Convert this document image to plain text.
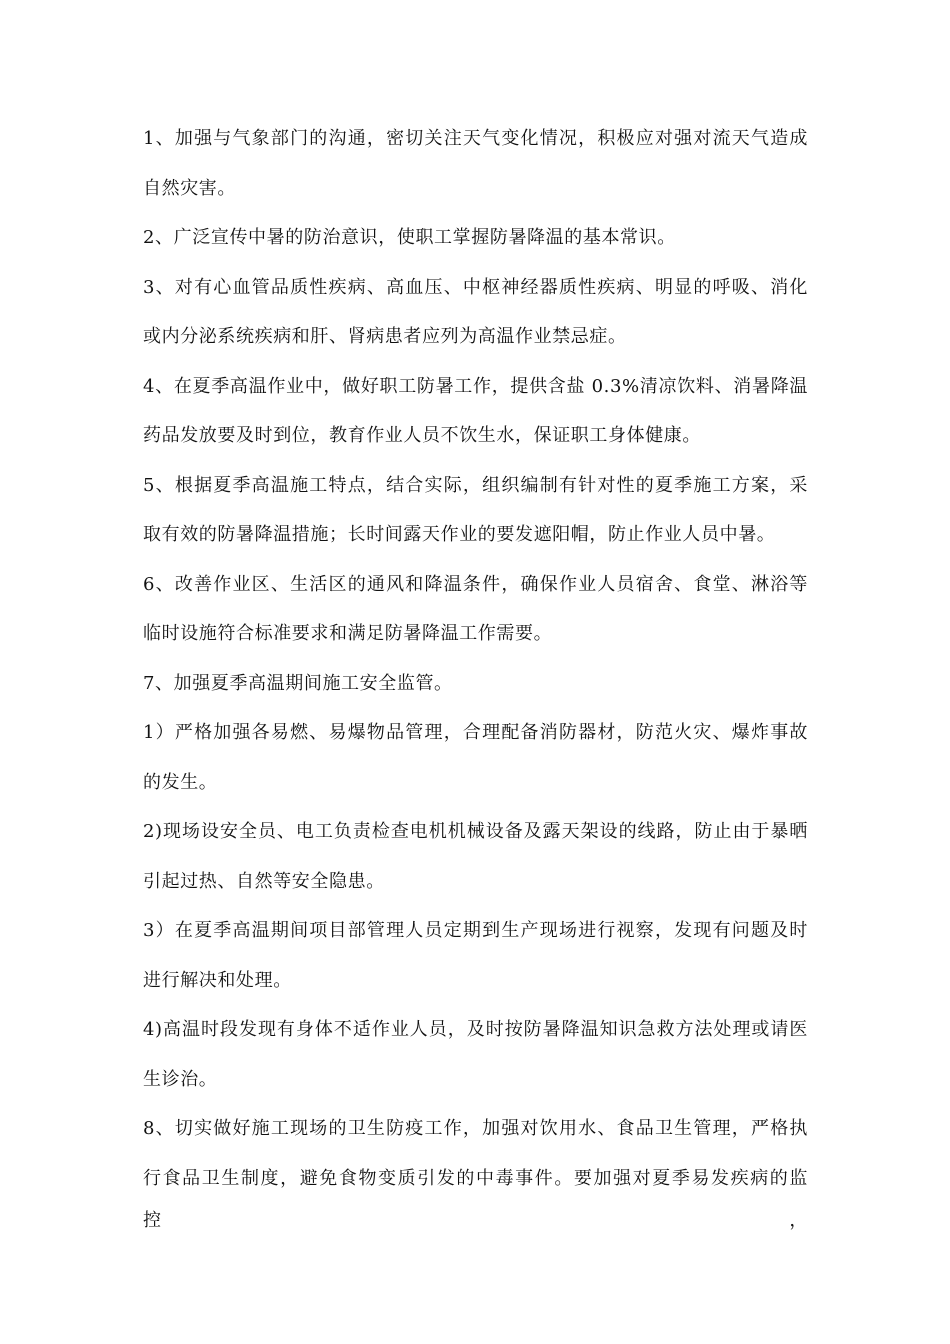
1、加强与气象部门的沟通，密切关注天气变化情况，积极应对强对流天气造成
自然灾害。
2、广泛宣传中暑的防治意识，使职工掌握防暑降温的基本常识。
3、对有心血管品质性疾病、高血压、中枢神经器质性疾病、明显的呼吸、消化
或内分泌系统疾病和肝、肾病患者应列为高温作业禁忌症。
4、在夏季高温作业中，做好职工防暑工作，提供含盐 0.3%清凉饮料、消暑降温
药品发放要及时到位，教育作业人员不饮生水，保证职工身体健康。
5、根据夏季高温施工特点，结合实际，组织编制有针对性的夏季施工方案，采
取有效的防暑降温措施；长时间露天作业的要发遮阳帽，防止作业人员中暑。
6、改善作业区、生活区的通风和降温条件，确保作业人员宿舍、食堂、淋浴等
临时设施符合标准要求和满足防暑降温工作需要。
7、加强夏季高温期间施工安全监管。
1）严格加强各易燃、易爆物品管理，合理配备消防器材，防范火灾、爆炸事故
的发生。
2)现场设安全员、电工负责检查电机机械设备及露天架设的线路，防止由于暴晒
引起过热、自然等安全隐患。
3）在夏季高温期间项目部管理人员定期到生产现场进行视察，发现有问题及时
进行解决和处理。
4)高温时段发现有身体不适作业人员，及时按防暑降温知识急救方法处理或请医
生诊治。
8、切实做好施工现场的卫生防疫工作，加强对饮用水、食品卫生管理，严格执
行食品卫生制度，避免食物变质引发的中毒事件。要加强对夏季易发疾病的监控，
